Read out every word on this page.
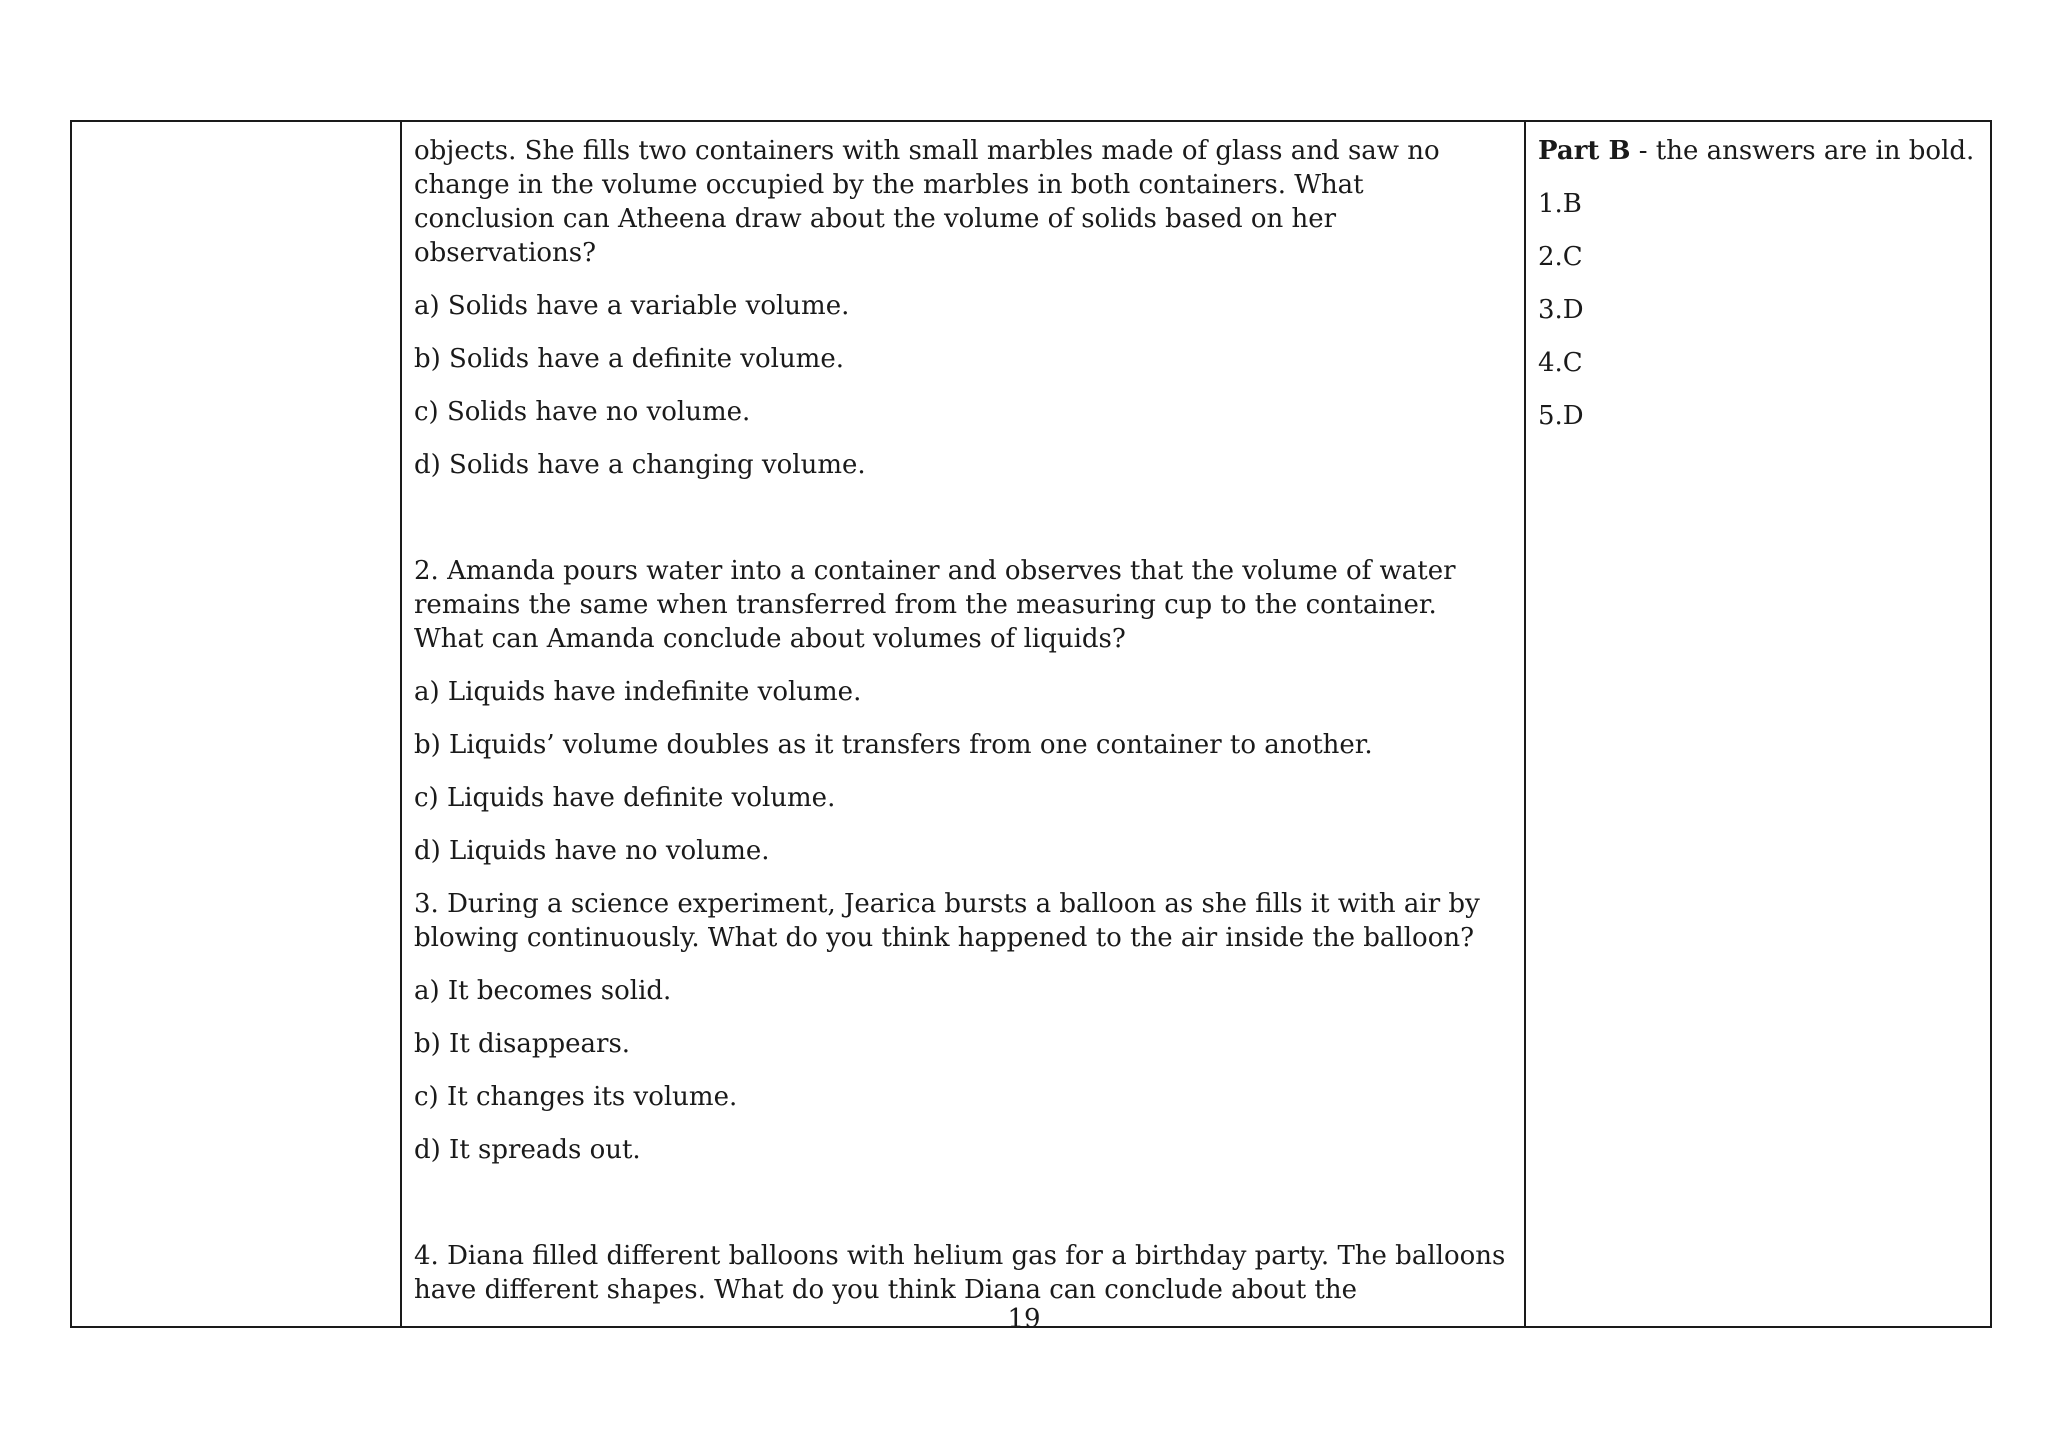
objects. She fills two containers with small marbles made of glass and saw no change in the volume occupied by the marbles in both containers. What conclusion can Atheena draw about the volume of solids based on her observations?

a) Solids have a variable volume.

b) Solids have a definite volume.

c) Solids have no volume.

d) Solids have a changing volume.

2. Amanda pours water into a container and observes that the volume of water remains the same when transferred from the measuring cup to the container. What can Amanda conclude about volumes of liquids?

a) Liquids have indefinite volume.

b) Liquids’ volume doubles as it transfers from one container to another.

c) Liquids have definite volume.

d) Liquids have no volume.

3. During a science experiment, Jearica bursts a balloon as she fills it with air by blowing continuously. What do you think happened to the air inside the balloon?

a) It becomes solid.

b) It disappears.

c) It changes its volume.

d) It spreads out.

4. Diana filled different balloons with helium gas for a birthday party. The balloons have different shapes. What do you think Diana can conclude about the

Part B - the answers are in bold.

1.B

2.C

3.D

4.C

5.D

19
